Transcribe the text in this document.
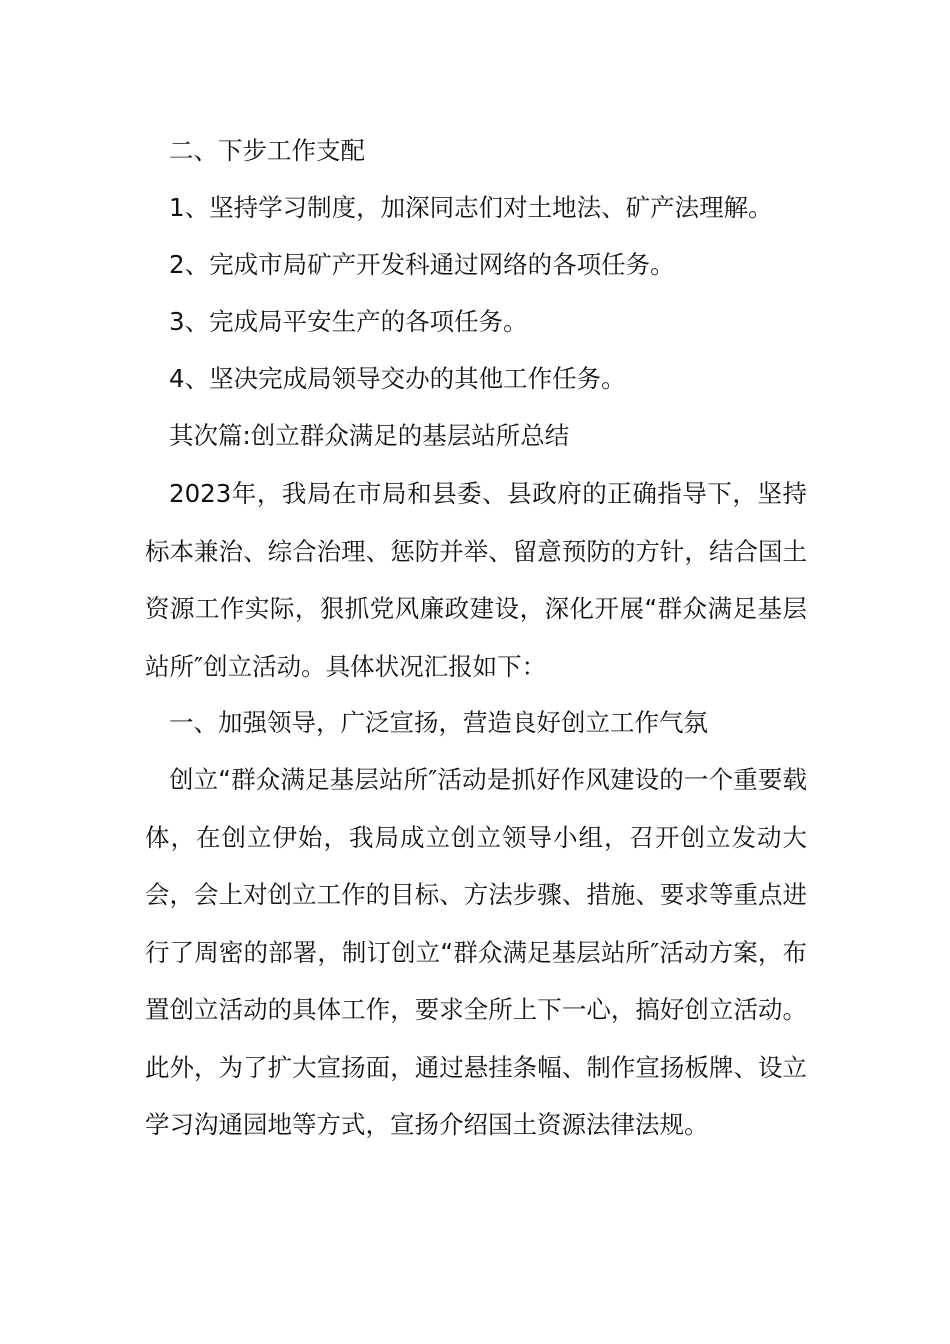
二、下步工作支配
1、坚持学习制度，加深同志们对土地法、矿产法理解。
2、完成市局矿产开发科通过网络的各项任务。
3、完成局平安生产的各项任务。
4、坚决完成局领导交办的其他工作任务。
其次篇:创立群众满足的基层站所总结
2023年，我局在市局和县委、县政府的正确指导下，坚持标本兼治、综合治理、惩防并举、留意预防的方针，结合国土资源工作实际，狠抓党风廉政建设，深化开展“群众满足基层站所″创立活动。具体状况汇报如下：
一、加强领导，广泛宣扬，营造良好创立工作气氛
创立“群众满足基层站所″活动是抓好作风建设的一个重要载体，在创立伊始，我局成立创立领导小组，召开创立发动大会，会上对创立工作的目标、方法步骤、措施、要求等重点进行了周密的部署，制订创立“群众满足基层站所″活动方案，布置创立活动的具体工作，要求全所上下一心，搞好创立活动。此外，为了扩大宣扬面，通过悬挂条幅、制作宣扬板牌、设立学习沟通园地等方式，宣扬介绍国土资源法律法规。
